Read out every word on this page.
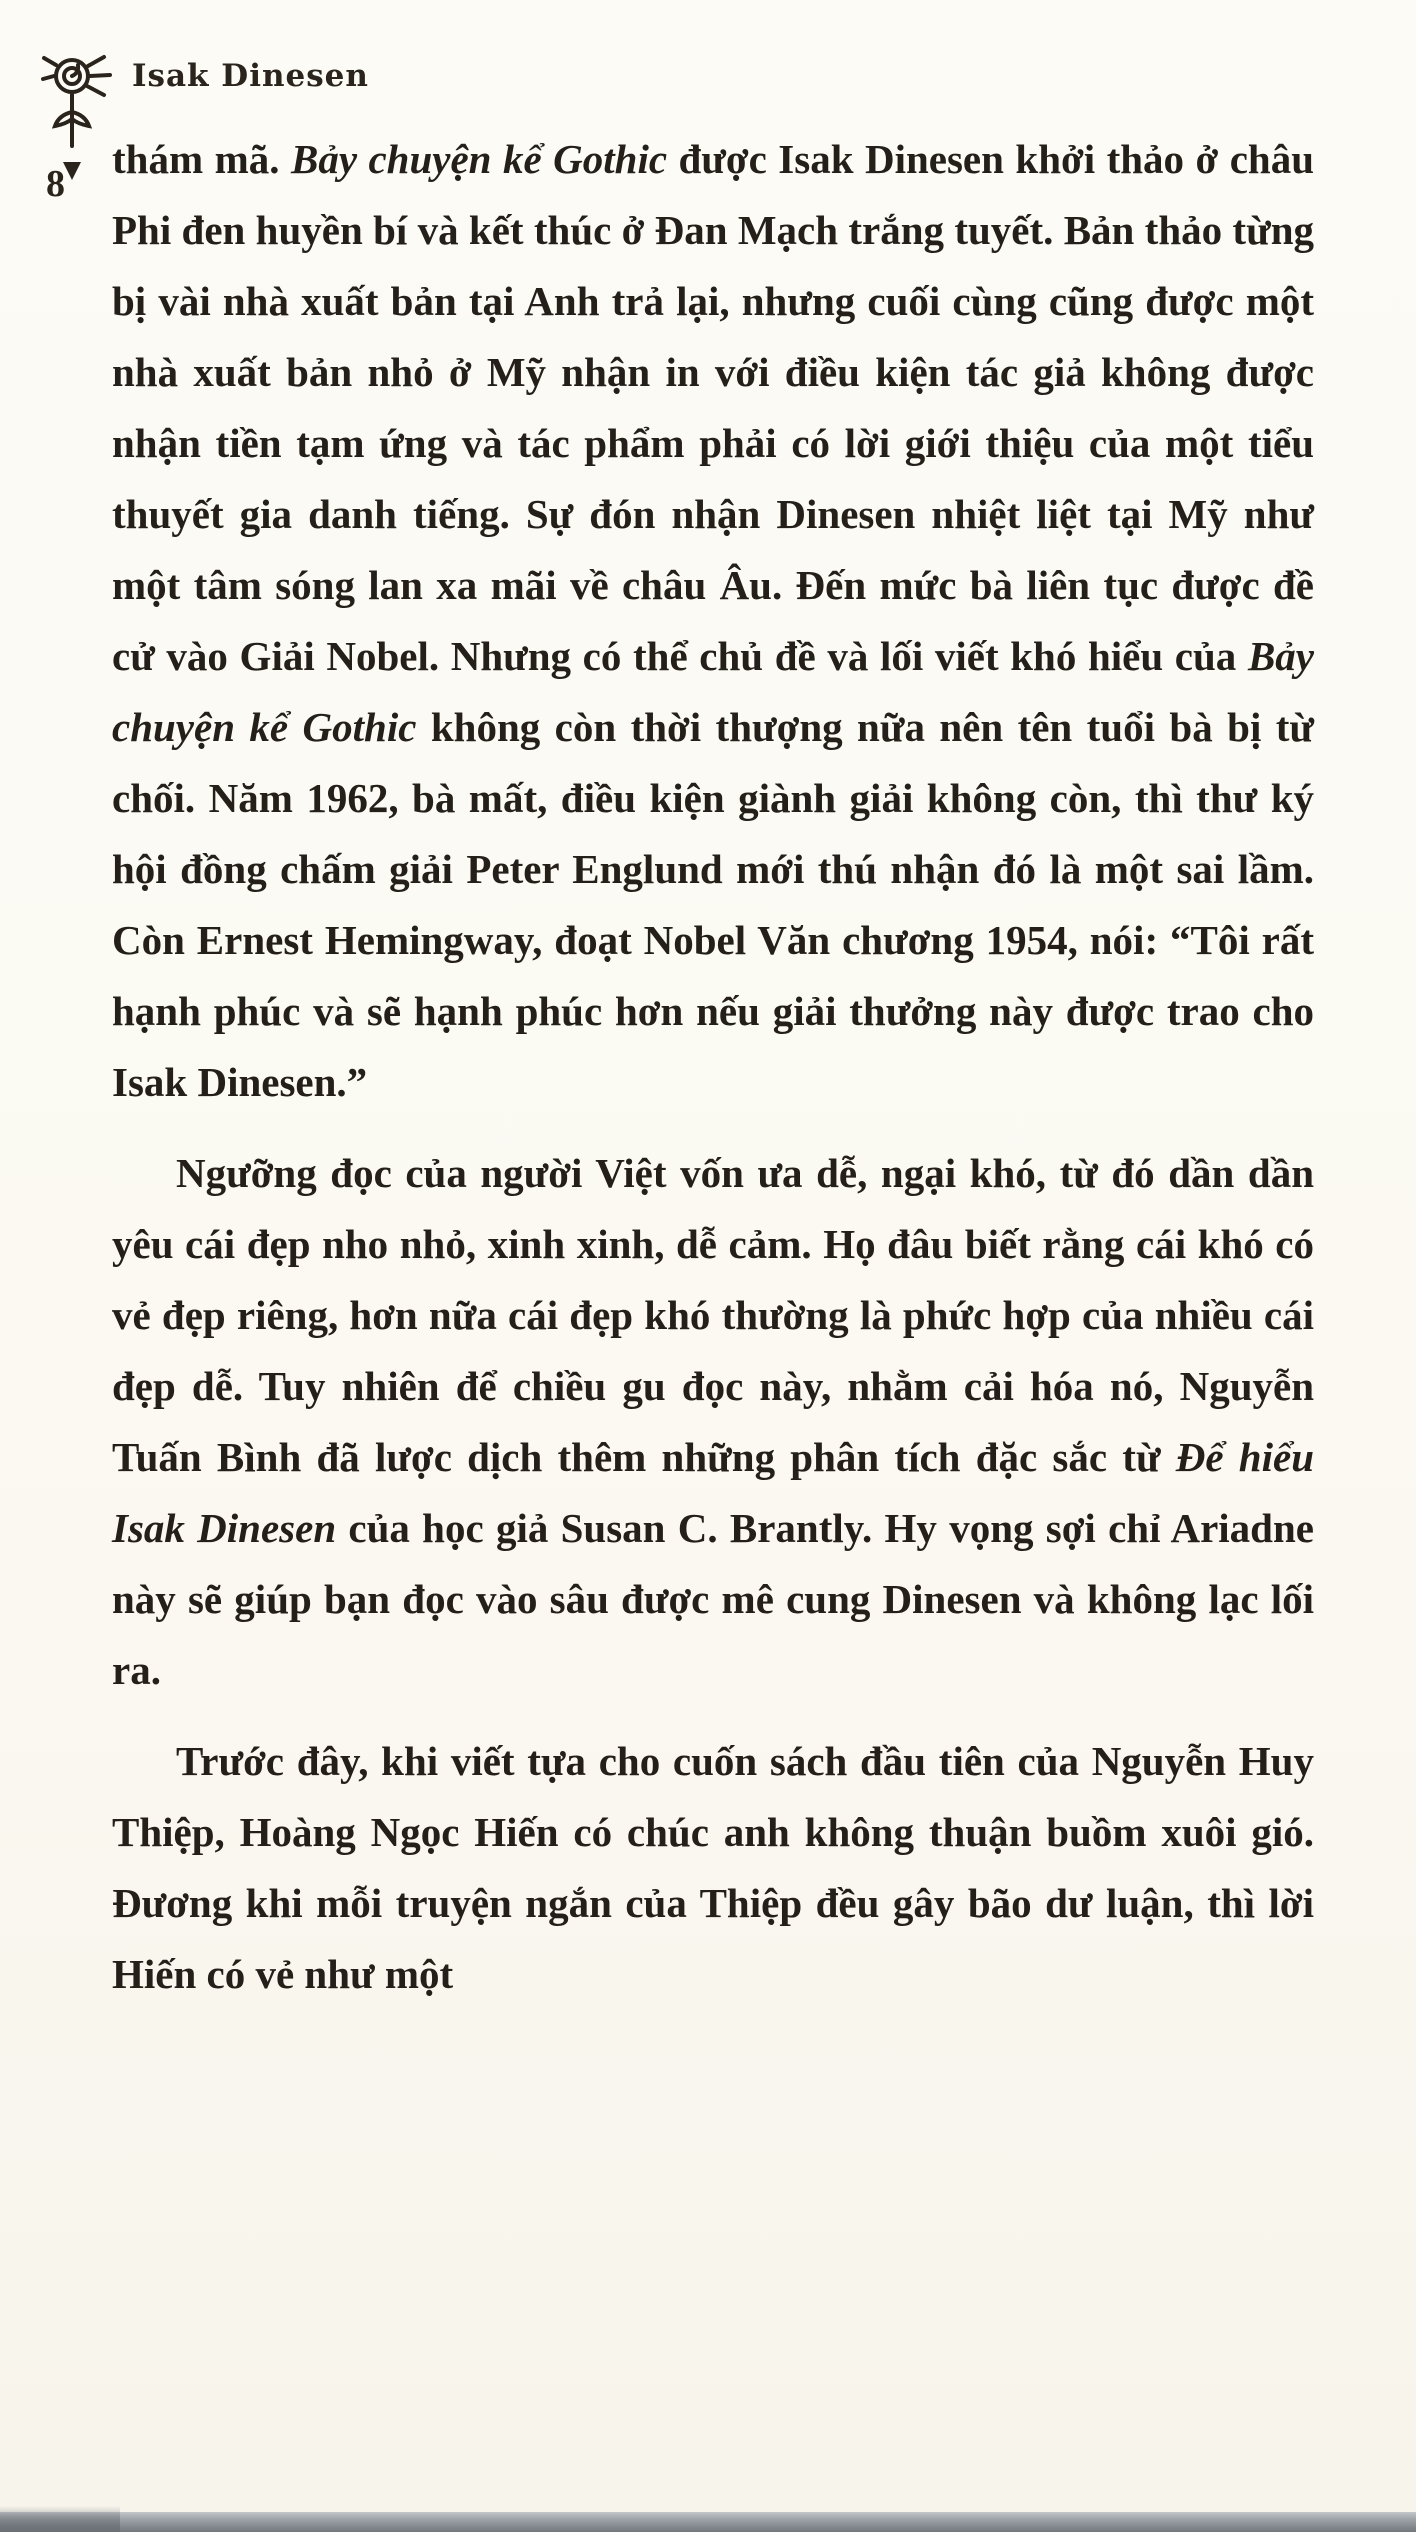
Isak Dinesen
8

thám mã. Bảy chuyện kể Gothic được Isak Dinesen khởi thảo ở châu Phi đen huyền bí và kết thúc ở Đan Mạch trắng tuyết. Bản thảo từng bị vài nhà xuất bản tại Anh trả lại, nhưng cuối cùng cũng được một nhà xuất bản nhỏ ở Mỹ nhận in với điều kiện tác giả không được nhận tiền tạm ứng và tác phẩm phải có lời giới thiệu của một tiểu thuyết gia danh tiếng. Sự đón nhận Dinesen nhiệt liệt tại Mỹ như một tâm sóng lan xa mãi về châu Âu. Đến mức bà liên tục được đề cử vào Giải Nobel. Nhưng có thể chủ đề và lối viết khó hiểu của Bảy chuyện kể Gothic không còn thời thượng nữa nên tên tuổi bà bị từ chối. Năm 1962, bà mất, điều kiện giành giải không còn, thì thư ký hội đồng chấm giải Peter Englund mới thú nhận đó là một sai lầm. Còn Ernest Hemingway, đoạt Nobel Văn chương 1954, nói: “Tôi rất hạnh phúc và sẽ hạnh phúc hơn nếu giải thưởng này được trao cho Isak Dinesen.”

Ngưỡng đọc của người Việt vốn ưa dễ, ngại khó, từ đó dần dần yêu cái đẹp nho nhỏ, xinh xinh, dễ cảm. Họ đâu biết rằng cái khó có vẻ đẹp riêng, hơn nữa cái đẹp khó thường là phức hợp của nhiều cái đẹp dễ. Tuy nhiên để chiều gu đọc này, nhằm cải hóa nó, Nguyễn Tuấn Bình đã lược dịch thêm những phân tích đặc sắc từ Để hiểu Isak Dinesen của học giả Susan C. Brantly. Hy vọng sợi chỉ Ariadne này sẽ giúp bạn đọc vào sâu được mê cung Dinesen và không lạc lối ra.

Trước đây, khi viết tựa cho cuốn sách đầu tiên của Nguyễn Huy Thiệp, Hoàng Ngọc Hiến có chúc anh không thuận buồm xuôi gió. Đương khi mỗi truyện ngắn của Thiệp đều gây bão dư luận, thì lời Hiến có vẻ như một
